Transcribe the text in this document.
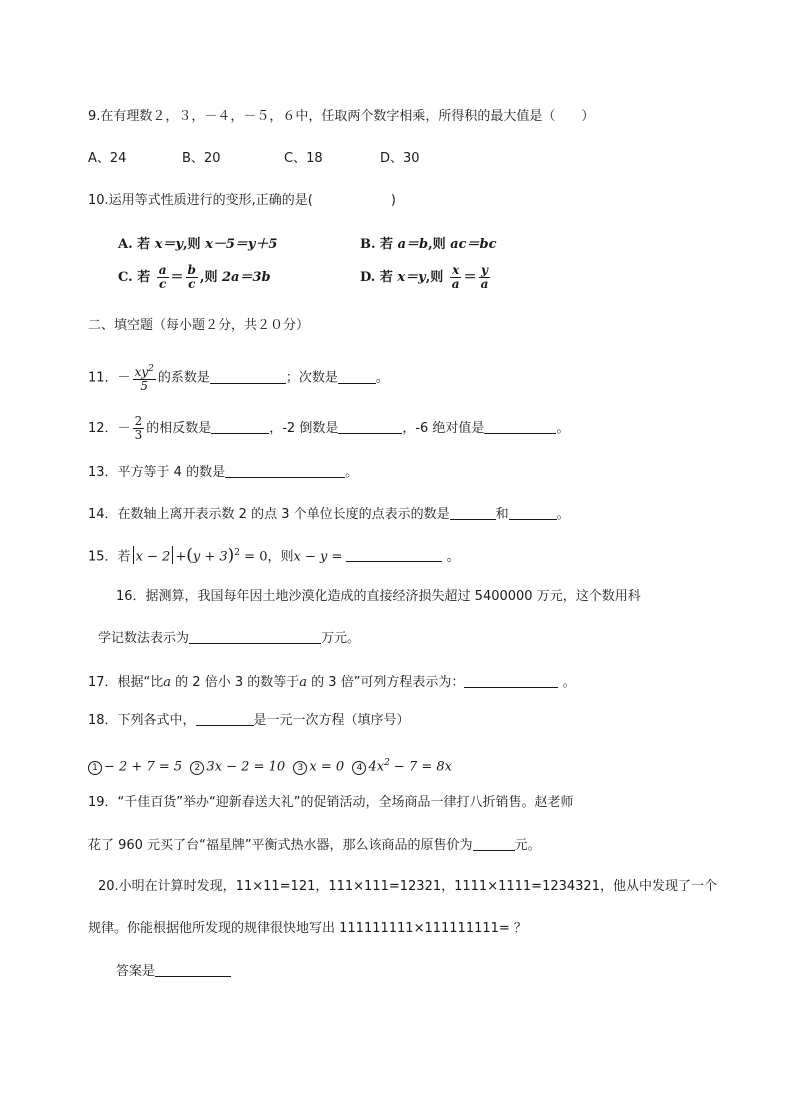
9.在有理数２，３，－４，－５，６中，任取两个数字相乘，所得积的最大值是（　　）
A、24	B、20	C、18	D、30
10.运用等式性质进行的变形,正确的是(　　　　　　)
A. 若 x＝y,则 x－5＝y＋5	B. 若 a＝b,则 ac＝bc
C. 若 $\frac{a}{c} = \frac{b}{c}$ ,则 2a＝3b	D. 若 x＝y,则 $\frac{x}{a} = \frac{y}{a}$
二、填空题（每小题２分，共２０分）
11．－ $\frac{xy^2}{5}$ 的系数是	；次数是	。
12．－ $\frac{2}{3}$ 的相反数是	，-2 倒数是	，-6 绝对值是	。
13．平方等于 4 的数是	。
14．在数轴上离开表示数 2 的点 3 个单位长度的点表示的数是	和	。
15．若 $x - 2 +(y + 3)^2 = 0$，则x − y =	。
16．据测算，我国每年因土地沙漠化造成的直接经济损失超过 5400000 万元，这个数用科
学记数法表示为	万元。
17．根据“比a 的 2 倍小 3 的数等于a 的 3 倍”可列方程表示为：	。
18．下列各式中，	是一元一次方程（填序号）
1 − 2 + 7 = 5 2 3x − 2 = 10 3 x = 0 4 $4x^2 - 7 = 8x$
19．“千佳百货”举办“迎新春送大礼”的促销活动，全场商品一律打八折销售。赵老师
花了 960 元买了台“福星牌”平衡式热水器，那么该商品的原售价为	元。
20.小明在计算时发现，11×11=121，111×111=12321，1111×1111=1234321，他从中发现了一个
规律。你能根据他所发现的规律很快地写出 111111111×111111111= ？
答案是
